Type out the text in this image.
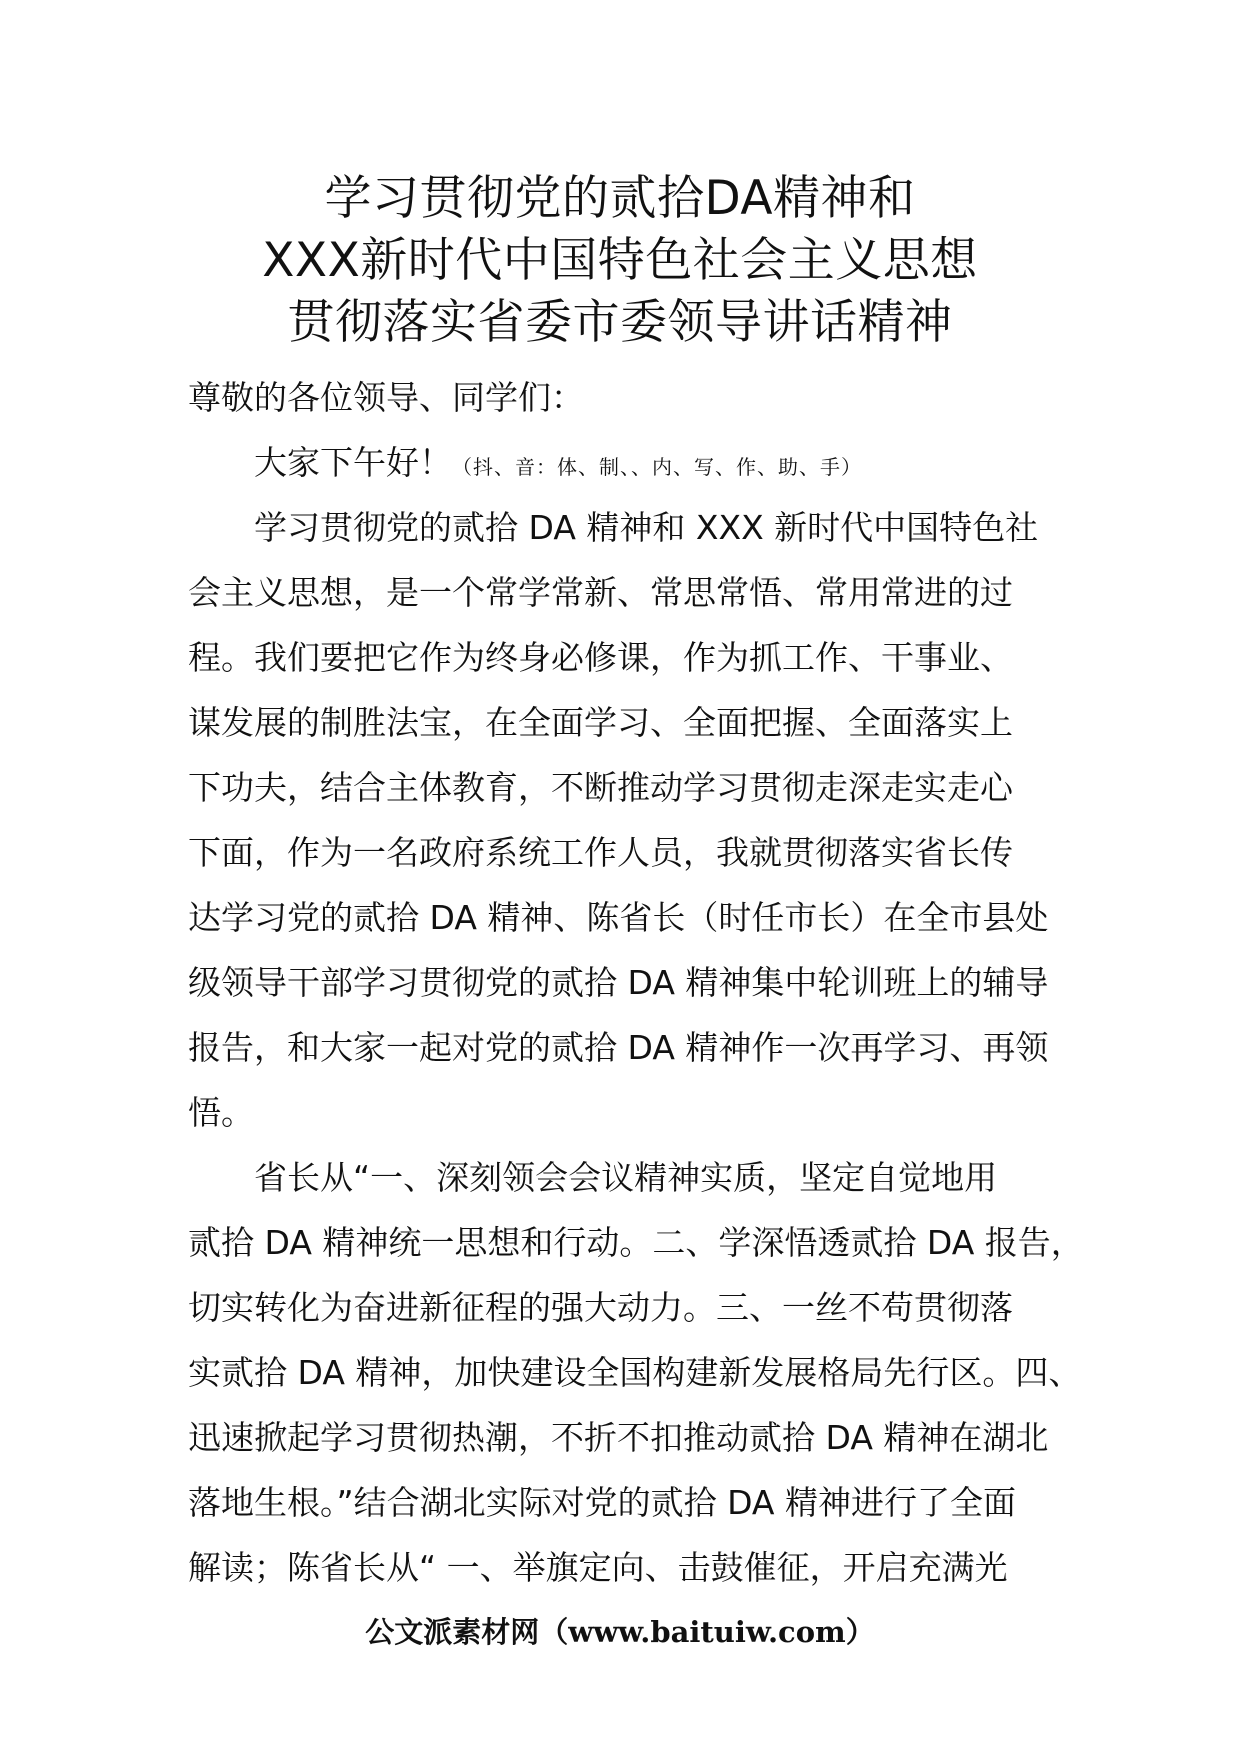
学习贯彻党的贰拾DA精神和
XXX新时代中国特色社会主义思想
贯彻落实省委市委领导讲话精神
尊敬的各位领导、同学们：
大家下午好！（抖、音：体、制、、内、写、作、助、手）
学习贯彻党的贰拾 DA 精神和 XXX 新时代中国特色社
会主义思想，是一个常学常新、常思常悟、常用常进的过
程。我们要把它作为终身必修课，作为抓工作、干事业、
谋发展的制胜法宝，在全面学习、全面把握、全面落实上
下功夫，结合主体教育，不断推动学习贯彻走深走实走心
下面，作为一名政府系统工作人员，我就贯彻落实省长传
达学习党的贰拾 DA 精神、陈省长（时任市长）在全市县处
级领导干部学习贯彻党的贰拾 DA 精神集中轮训班上的辅导
报告，和大家一起对党的贰拾 DA 精神作一次再学习、再领
悟。
省长从“一、深刻领会会议精神实质，坚定自觉地用
贰拾 DA 精神统一思想和行动。二、学深悟透贰拾 DA 报告，
切实转化为奋进新征程的强大动力。三、一丝不苟贯彻落
实贰拾 DA 精神，加快建设全国构建新发展格局先行区。四、
迅速掀起学习贯彻热潮，不折不扣推动贰拾 DA 精神在湖北
落地生根。”结合湖北实际对党的贰拾 DA 精神进行了全面
解读；陈省长从“ 一、举旗定向、击鼓催征，开启充满光
公文派素材网（www.baituiw.com）
